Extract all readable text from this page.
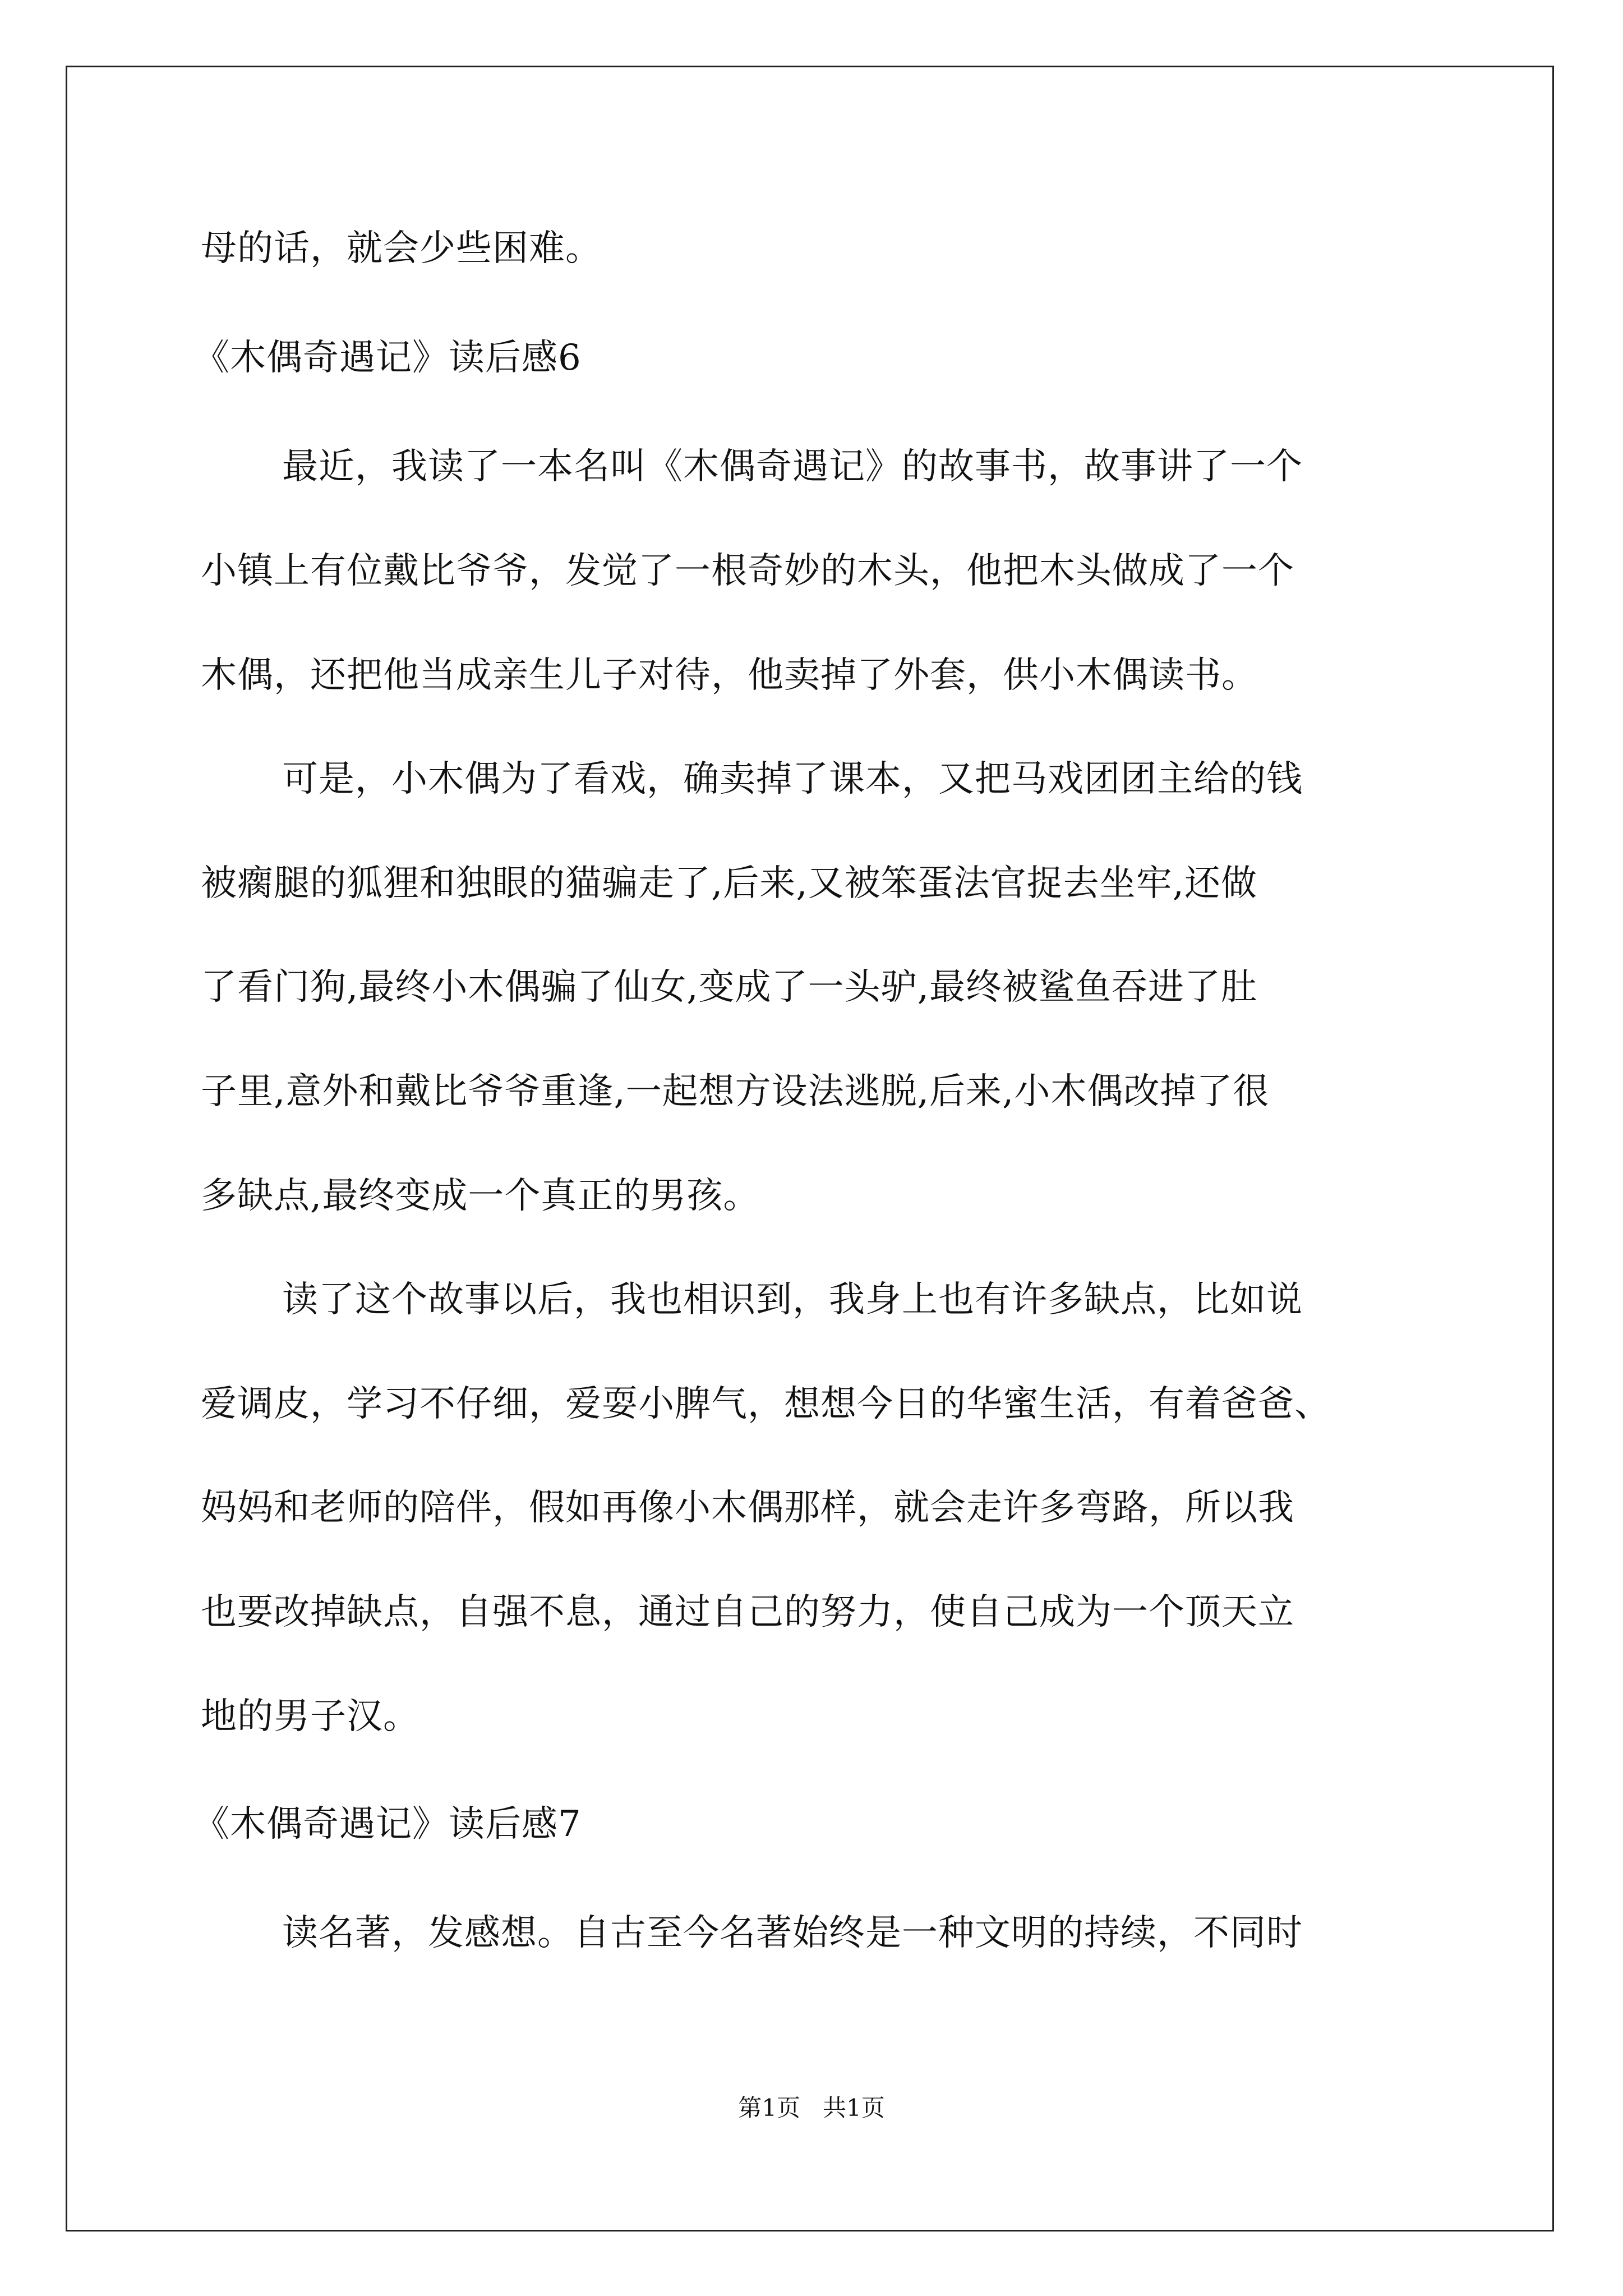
母的话，就会少些困难。

《木偶奇遇记》读后感6

最近，我读了一本名叫《木偶奇遇记》的故事书，故事讲了一个

小镇上有位戴比爷爷，发觉了一根奇妙的木头，他把木头做成了一个

木偶，还把他当成亲生儿子对待，他卖掉了外套，供小木偶读书。

可是，小木偶为了看戏，确卖掉了课本，又把马戏团团主给的钱

被瘸腿的狐狸和独眼的猫骗走了,后来,又被笨蛋法官捉去坐牢,还做

了看门狗,最终小木偶骗了仙女,变成了一头驴,最终被鲨鱼吞进了肚

子里,意外和戴比爷爷重逢,一起想方设法逃脱,后来,小木偶改掉了很

多缺点,最终变成一个真正的男孩。

读了这个故事以后，我也相识到，我身上也有许多缺点，比如说

爱调皮，学习不仔细，爱耍小脾气，想想今日的华蜜生活，有着爸爸、

妈妈和老师的陪伴，假如再像小木偶那样，就会走许多弯路，所以我

也要改掉缺点，自强不息，通过自己的努力，使自己成为一个顶天立

地的男子汉。

《木偶奇遇记》读后感7

读名著，发感想。自古至今名著始终是一种文明的持续，不同时

第1页   共1页
